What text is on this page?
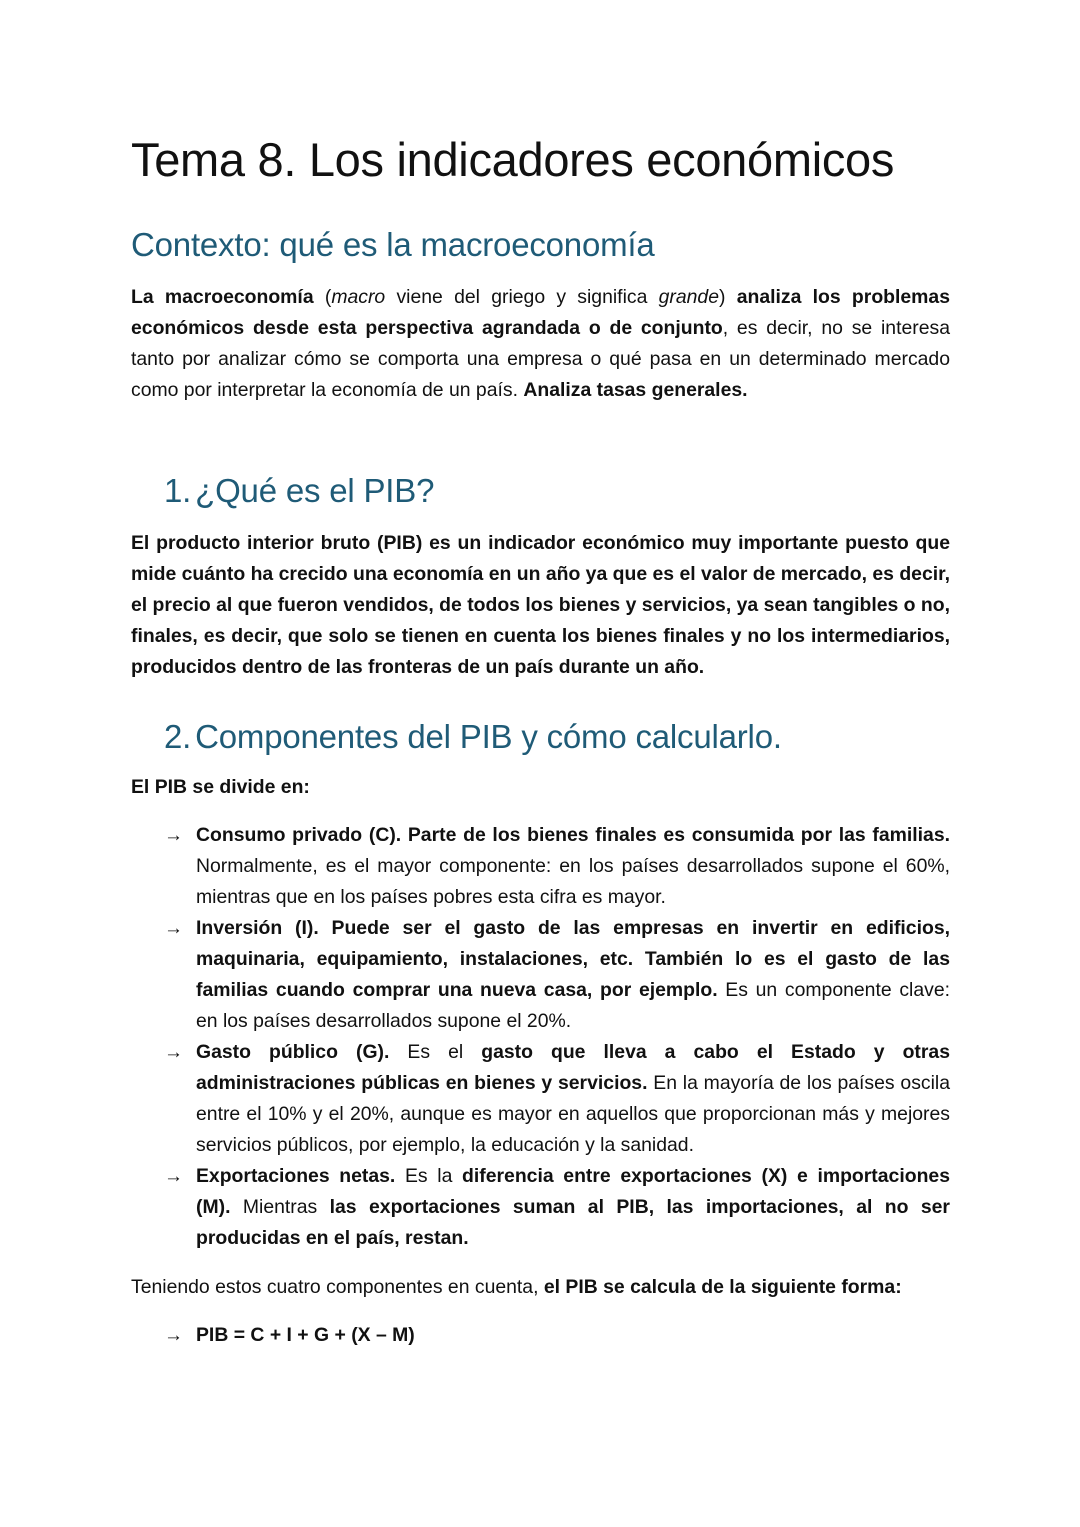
Tema 8. Los indicadores económicos
Contexto: qué es la macroeconomía

La macroeconomía (macro viene del griego y significa grande) analiza los problemas económicos desde esta perspectiva agrandada o de conjunto, es decir, no se interesa tanto por analizar cómo se comporta una empresa o qué pasa en un determinado mercado como por interpretar la economía de un país. Analiza tasas generales.

1. ¿Qué es el PIB?

El producto interior bruto (PIB) es un indicador económico muy importante puesto que mide cuánto ha crecido una economía en un año ya que es el valor de mercado, es decir, el precio al que fueron vendidos, de todos los bienes y servicios, ya sean tangibles o no, finales, es decir, que solo se tienen en cuenta los bienes finales y no los intermediarios, producidos dentro de las fronteras de un país durante un año.

2. Componentes del PIB y cómo calcularlo.

El PIB se divide en:

→ Consumo privado (C). Parte de los bienes finales es consumida por las familias. Normalmente, es el mayor componente: en los países desarrollados supone el 60%, mientras que en los países pobres esta cifra es mayor.
→ Inversión (I). Puede ser el gasto de las empresas en invertir en edificios, maquinaria, equipamiento, instalaciones, etc. También lo es el gasto de las familias cuando comprar una nueva casa, por ejemplo. Es un componente clave: en los países desarrollados supone el 20%.
→ Gasto público (G). Es el gasto que lleva a cabo el Estado y otras administraciones públicas en bienes y servicios. En la mayoría de los países oscila entre el 10% y el 20%, aunque es mayor en aquellos que proporcionan más y mejores servicios públicos, por ejemplo, la educación y la sanidad.
→ Exportaciones netas. Es la diferencia entre exportaciones (X) e importaciones (M). Mientras las exportaciones suman al PIB, las importaciones, al no ser producidas en el país, restan.

Teniendo estos cuatro componentes en cuenta, el PIB se calcula de la siguiente forma:

→ PIB = C + I + G + (X – M)
